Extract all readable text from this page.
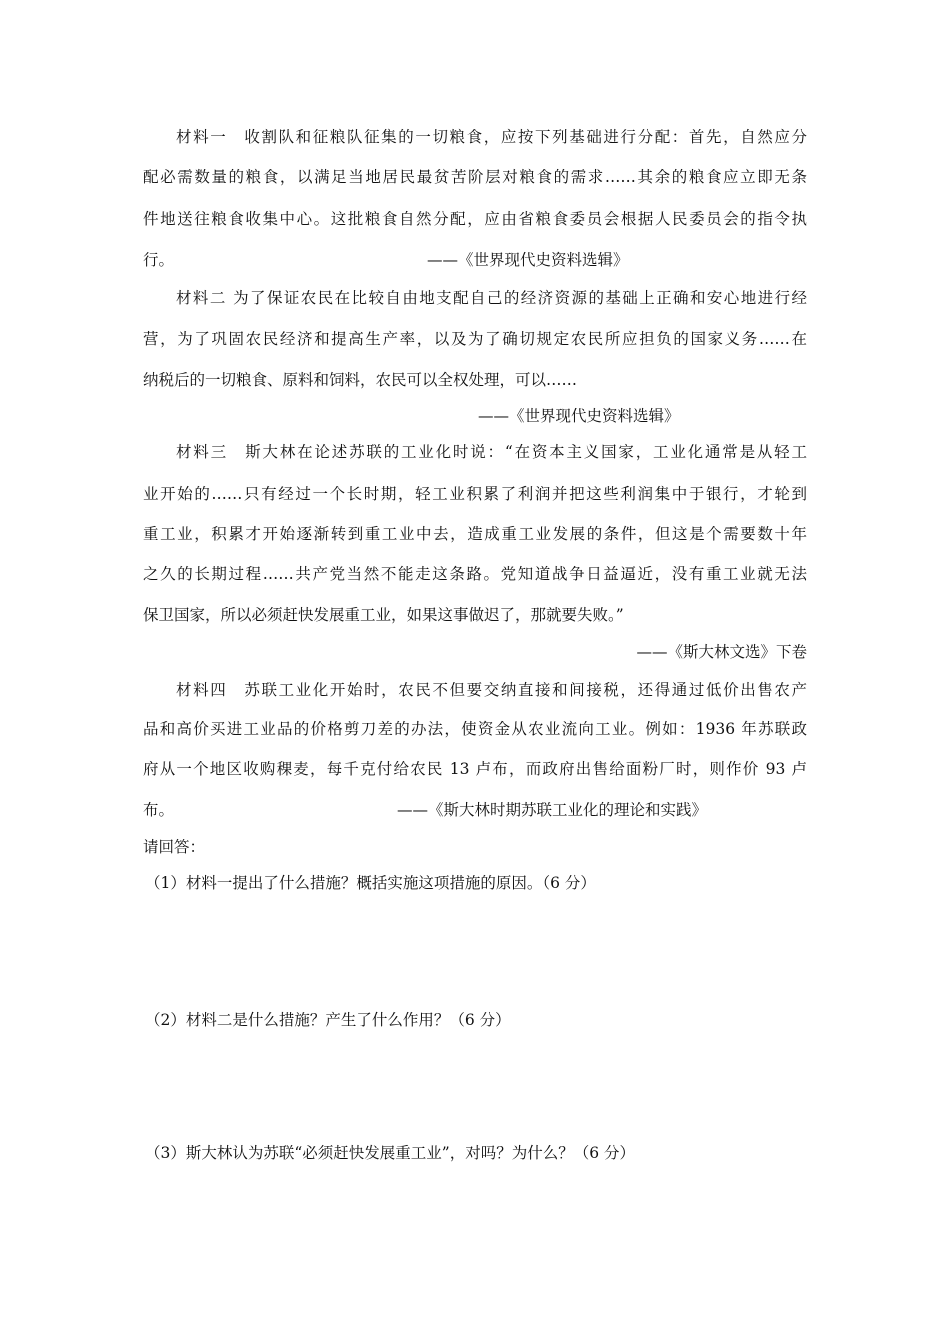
材料一　收割队和征粮队征集的一切粮食，应按下列基础进行分配：首先，自然应分
配必需数量的粮食，以满足当地居民最贫苦阶层对粮食的需求……其余的粮食应立即无条
件地送往粮食收集中心。这批粮食自然分配，应由省粮食委员会根据人民委员会的指令执
行。	——《世界现代史资料选辑》
材料二 为了保证农民在比较自由地支配自己的经济资源的基础上正确和安心地进行经
营，为了巩固农民经济和提高生产率，以及为了确切规定农民所应担负的国家义务……在
纳税后的一切粮食、原料和饲料，农民可以全权处理，可以……
——《世界现代史资料选辑》
材料三　斯大林在论述苏联的工业化时说：“在资本主义国家，工业化通常是从轻工
业开始的……只有经过一个长时期，轻工业积累了利润并把这些利润集中于银行，才轮到
重工业，积累才开始逐渐转到重工业中去，造成重工业发展的条件，但这是个需要数十年
之久的长期过程……共产党当然不能走这条路。党知道战争日益逼近，没有重工业就无法
保卫国家，所以必须赶快发展重工业，如果这事做迟了，那就要失败。”
——《斯大林文选》下卷
材料四　苏联工业化开始时，农民不但要交纳直接和间接税，还得通过低价出售农产
品和高价买进工业品的价格剪刀差的办法，使资金从农业流向工业。例如：1936 年苏联政
府从一个地区收购稞麦，每千克付给农民 13 卢布，而政府出售给面粉厂时，则作价 93 卢
布。	——《斯大林时期苏联工业化的理论和实践》
请回答：
（1）材料一提出了什么措施？概括实施这项措施的原因。（6 分）
（2）材料二是什么措施？产生了什么作用？（6 分）
（3）斯大林认为苏联“必须赶快发展重工业”，对吗？为什么？（6 分）
